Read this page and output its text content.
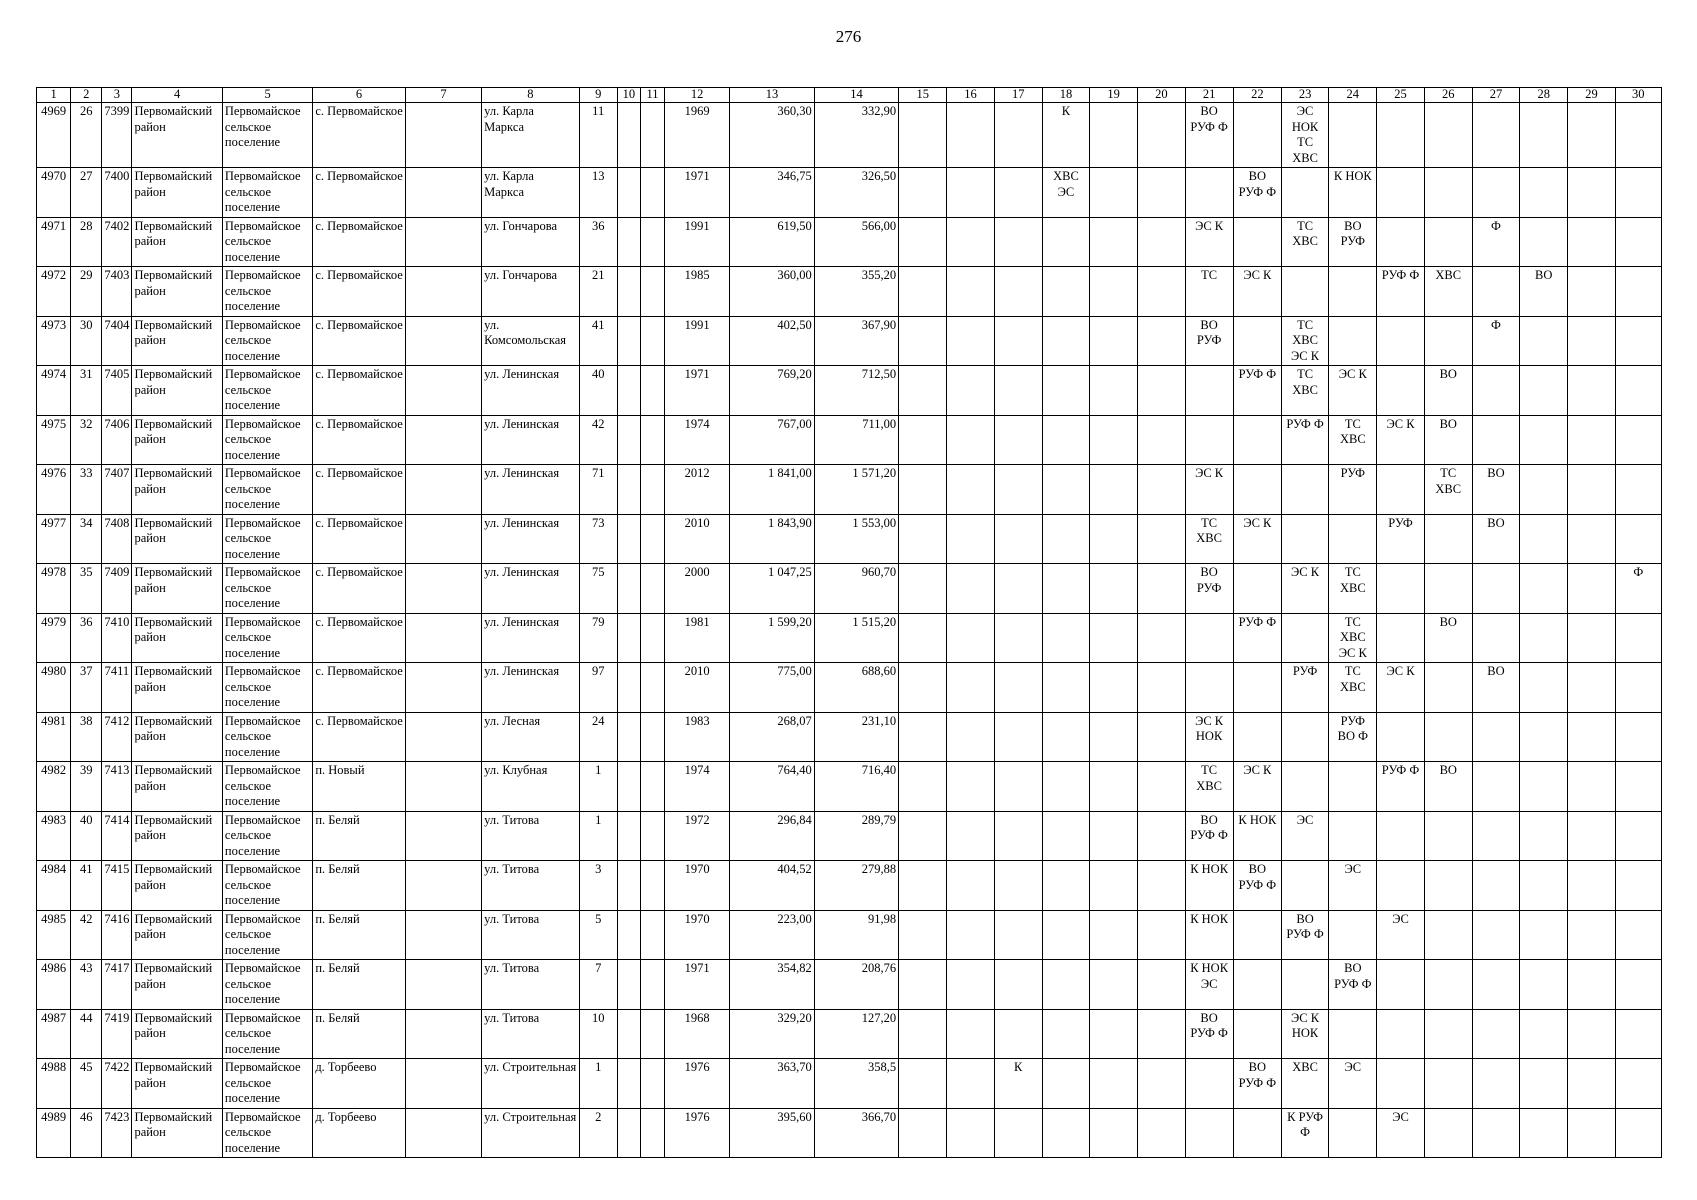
276
1	2	3	4	5	6	7	8	9	10	11	12	13	14	15	16	17	18	19	20	21	22	23	24	25	26	27	28	29	30
4969	26	7399	Первомайский район	Первомайское сельское поселение	с. Первомайское		ул. Карла Маркса	11			1969	360,30	332,90				К			ВО РУФ Ф		ЭС НОК ТС ХВС							
4970	27	7400	Первомайский район	Первомайское сельское поселение	с. Первомайское		ул. Карла Маркса	13			1971	346,75	326,50				ХВС ЭС				ВО РУФ Ф		К НОК						
4971	28	7402	Первомайский район	Первомайское сельское поселение	с. Первомайское		ул. Гончарова	36			1991	619,50	566,00							ЭС К		ТС ХВС	ВО РУФ			Ф			
4972	29	7403	Первомайский район	Первомайское сельское поселение	с. Первомайское		ул. Гончарова	21			1985	360,00	355,20							ТС	ЭС К			РУФ Ф	ХВС		ВО		
4973	30	7404	Первомайский район	Первомайское сельское поселение	с. Первомайское		ул. Комсомольская	41			1991	402,50	367,90							ВО РУФ		ТС ХВС ЭС К				Ф			
4974	31	7405	Первомайский район	Первомайское сельское поселение	с. Первомайское		ул. Ленинская	40			1971	769,20	712,50								РУФ Ф	ТС ХВС	ЭС К		ВО				
4975	32	7406	Первомайский район	Первомайское сельское поселение	с. Первомайское		ул. Ленинская	42			1974	767,00	711,00									РУФ Ф	ТС ХВС	ЭС К	ВО				
4976	33	7407	Первомайский район	Первомайское сельское поселение	с. Первомайское		ул. Ленинская	71			2012	1 841,00	1 571,20							ЭС К			РУФ		ТС ХВС	ВО			
4977	34	7408	Первомайский район	Первомайское сельское поселение	с. Первомайское		ул. Ленинская	73			2010	1 843,90	1 553,00							ТС ХВС	ЭС К			РУФ		ВО			
4978	35	7409	Первомайский район	Первомайское сельское поселение	с. Первомайское		ул. Ленинская	75			2000	1 047,25	960,70							ВО РУФ		ЭС К	ТС ХВС						Ф
4979	36	7410	Первомайский район	Первомайское сельское поселение	с. Первомайское		ул. Ленинская	79			1981	1 599,20	1 515,20								РУФ Ф		ТС ХВС ЭС К		ВО				
4980	37	7411	Первомайский район	Первомайское сельское поселение	с. Первомайское		ул. Ленинская	97			2010	775,00	688,60									РУФ	ТС ХВС	ЭС К		ВО			
4981	38	7412	Первомайский район	Первомайское сельское поселение	с. Первомайское		ул. Лесная	24			1983	268,07	231,10							ЭС К НОК			РУФ ВО Ф						
4982	39	7413	Первомайский район	Первомайское сельское поселение	п. Новый		ул. Клубная	1			1974	764,40	716,40							ТС ХВС	ЭС К			РУФ Ф	ВО				
4983	40	7414	Первомайский район	Первомайское сельское поселение	п. Беляй		ул. Титова	1			1972	296,84	289,79							ВО РУФ Ф	К НОК	ЭС							
4984	41	7415	Первомайский район	Первомайское сельское поселение	п. Беляй		ул. Титова	3			1970	404,52	279,88							К НОК	ВО РУФ Ф		ЭС						
4985	42	7416	Первомайский район	Первомайское сельское поселение	п. Беляй		ул. Титова	5			1970	223,00	91,98							К НОК		ВО РУФ Ф		ЭС					
4986	43	7417	Первомайский район	Первомайское сельское поселение	п. Беляй		ул. Титова	7			1971	354,82	208,76							К НОК ЭС			ВО РУФ Ф						
4987	44	7419	Первомайский район	Первомайское сельское поселение	п. Беляй		ул. Титова	10			1968	329,20	127,20							ВО РУФ Ф		ЭС К НОК							
4988	45	7422	Первомайский район	Первомайское сельское поселение	д. Торбеево		ул. Строительная	1			1976	363,70	358,5			К					ВО РУФ Ф	ХВС	ЭС						
4989	46	7423	Первомайский район	Первомайское сельское поселение	д. Торбеево		ул. Строительная	2			1976	395,60	366,70									К РУФ Ф		ЭС					
